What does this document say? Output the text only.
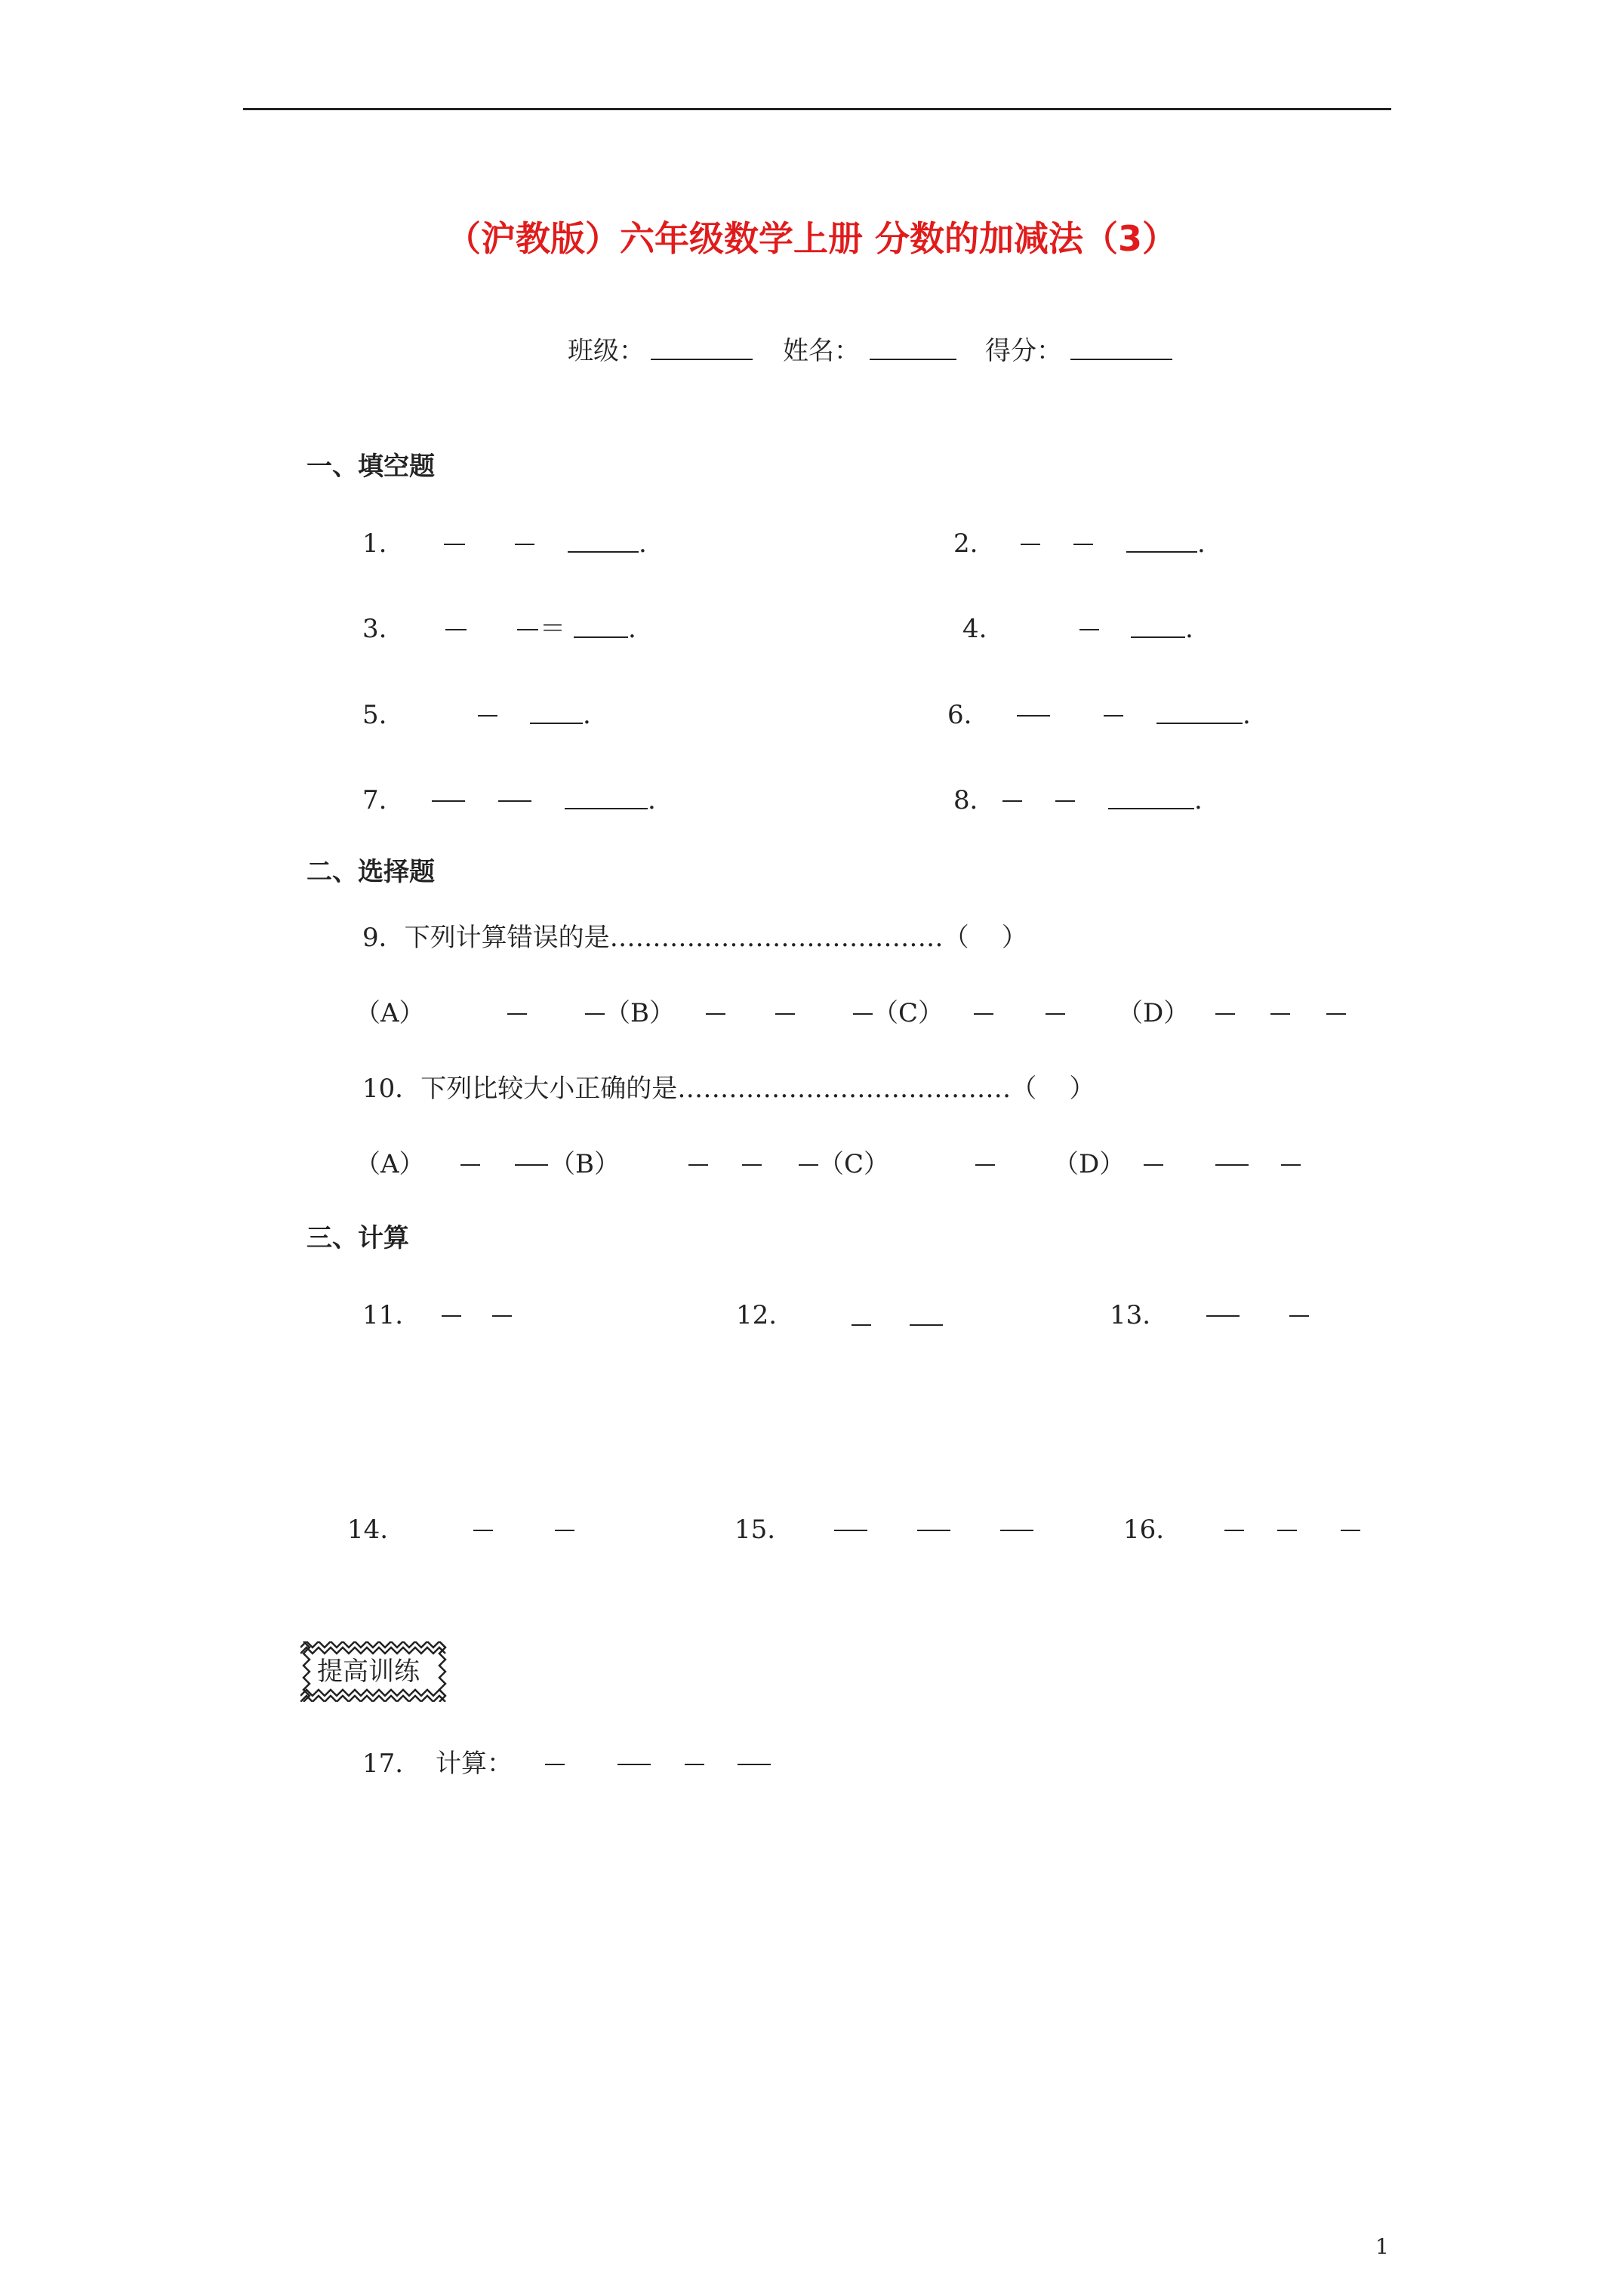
（沪教版）六年级数学上册 分数的加减法（3）
班级：	姓名：	得分：
一、填空题
1.	.	2.	.
3.	＝ .	4.	.
5.	.	6.	.
7.	.	8．	.
二、选择题
9．下列计算错误的是…………………………………（    ）
（A）	（B）	（C）	（D）
10．下列比较大小正确的是…………………………………（    ）
（A）	（B）	（C）	（D）
三、计算
11.	12.	13.
14.	15.	16.
提高训练
17. 计算：
1
